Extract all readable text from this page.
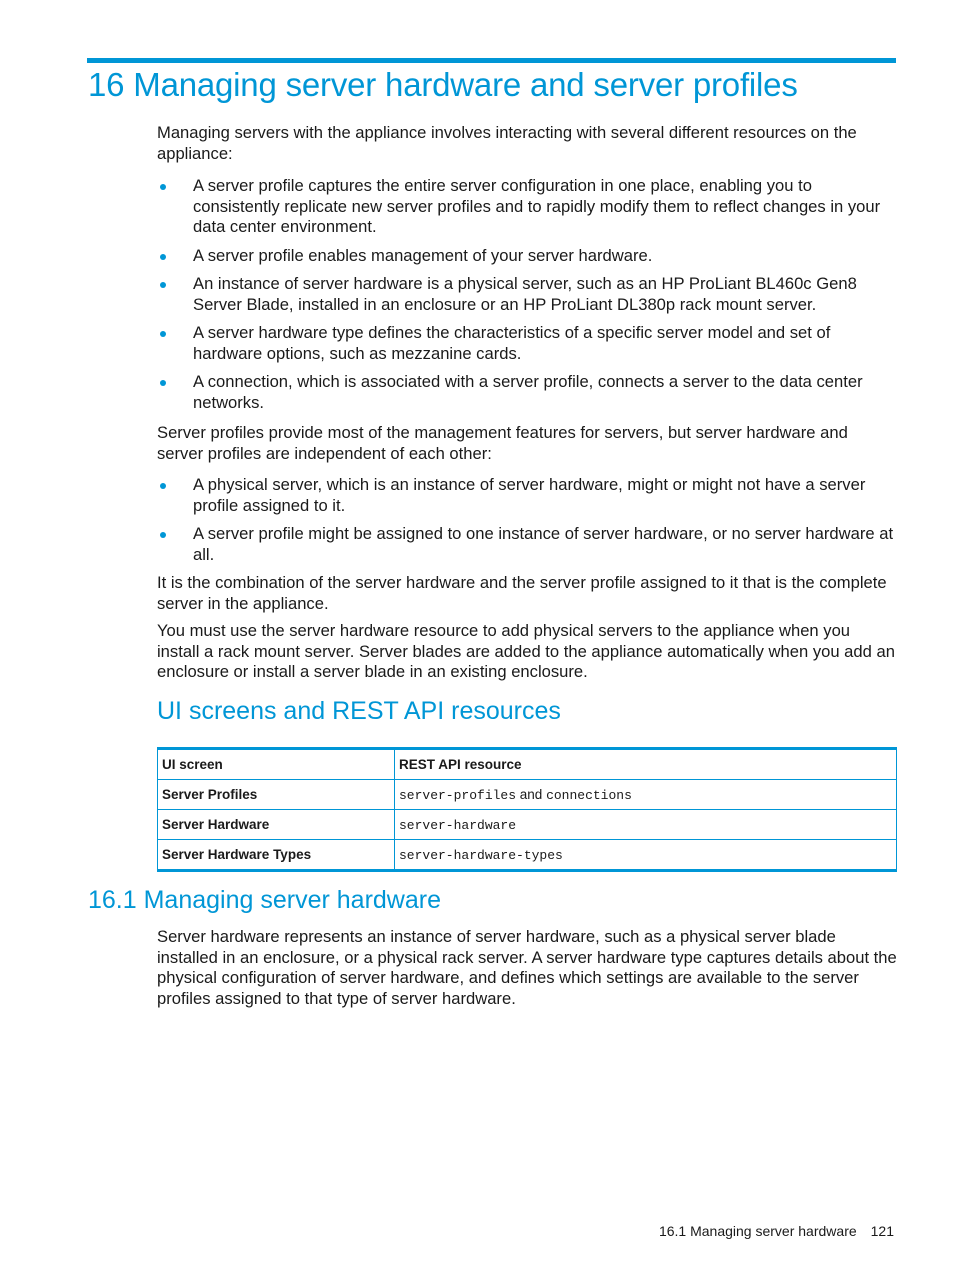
16 Managing server hardware and server profiles

Managing servers with the appliance involves interacting with several different resources on the appliance:

A server profile captures the entire server configuration in one place, enabling you to consistently replicate new server profiles and to rapidly modify them to reflect changes in your data center environment.
A server profile enables management of your server hardware.
An instance of server hardware is a physical server, such as an HP ProLiant BL460c Gen8 Server Blade, installed in an enclosure or an HP ProLiant DL380p rack mount server.
A server hardware type defines the characteristics of a specific server model and set of hardware options, such as mezzanine cards.
A connection, which is associated with a server profile, connects a server to the data center networks.

Server profiles provide most of the management features for servers, but server hardware and server profiles are independent of each other:

A physical server, which is an instance of server hardware, might or might not have a server profile assigned to it.
A server profile might be assigned to one instance of server hardware, or no server hardware at all.

It is the combination of the server hardware and the server profile assigned to it that is the complete server in the appliance.

You must use the server hardware resource to add physical servers to the appliance when you install a rack mount server. Server blades are added to the appliance automatically when you add an enclosure or install a server blade in an existing enclosure.

UI screens and REST API resources
UI screen	REST API resource
Server Profiles	server-profiles and connections
Server Hardware	server-hardware
Server Hardware Types	server-hardware-types
16.1 Managing server hardware

Server hardware represents an instance of server hardware, such as a physical server blade installed in an enclosure, or a physical rack server. A server hardware type captures details about the physical configuration of server hardware, and defines which settings are available to the server profiles assigned to that type of server hardware.

16.1 Managing server hardware 121
